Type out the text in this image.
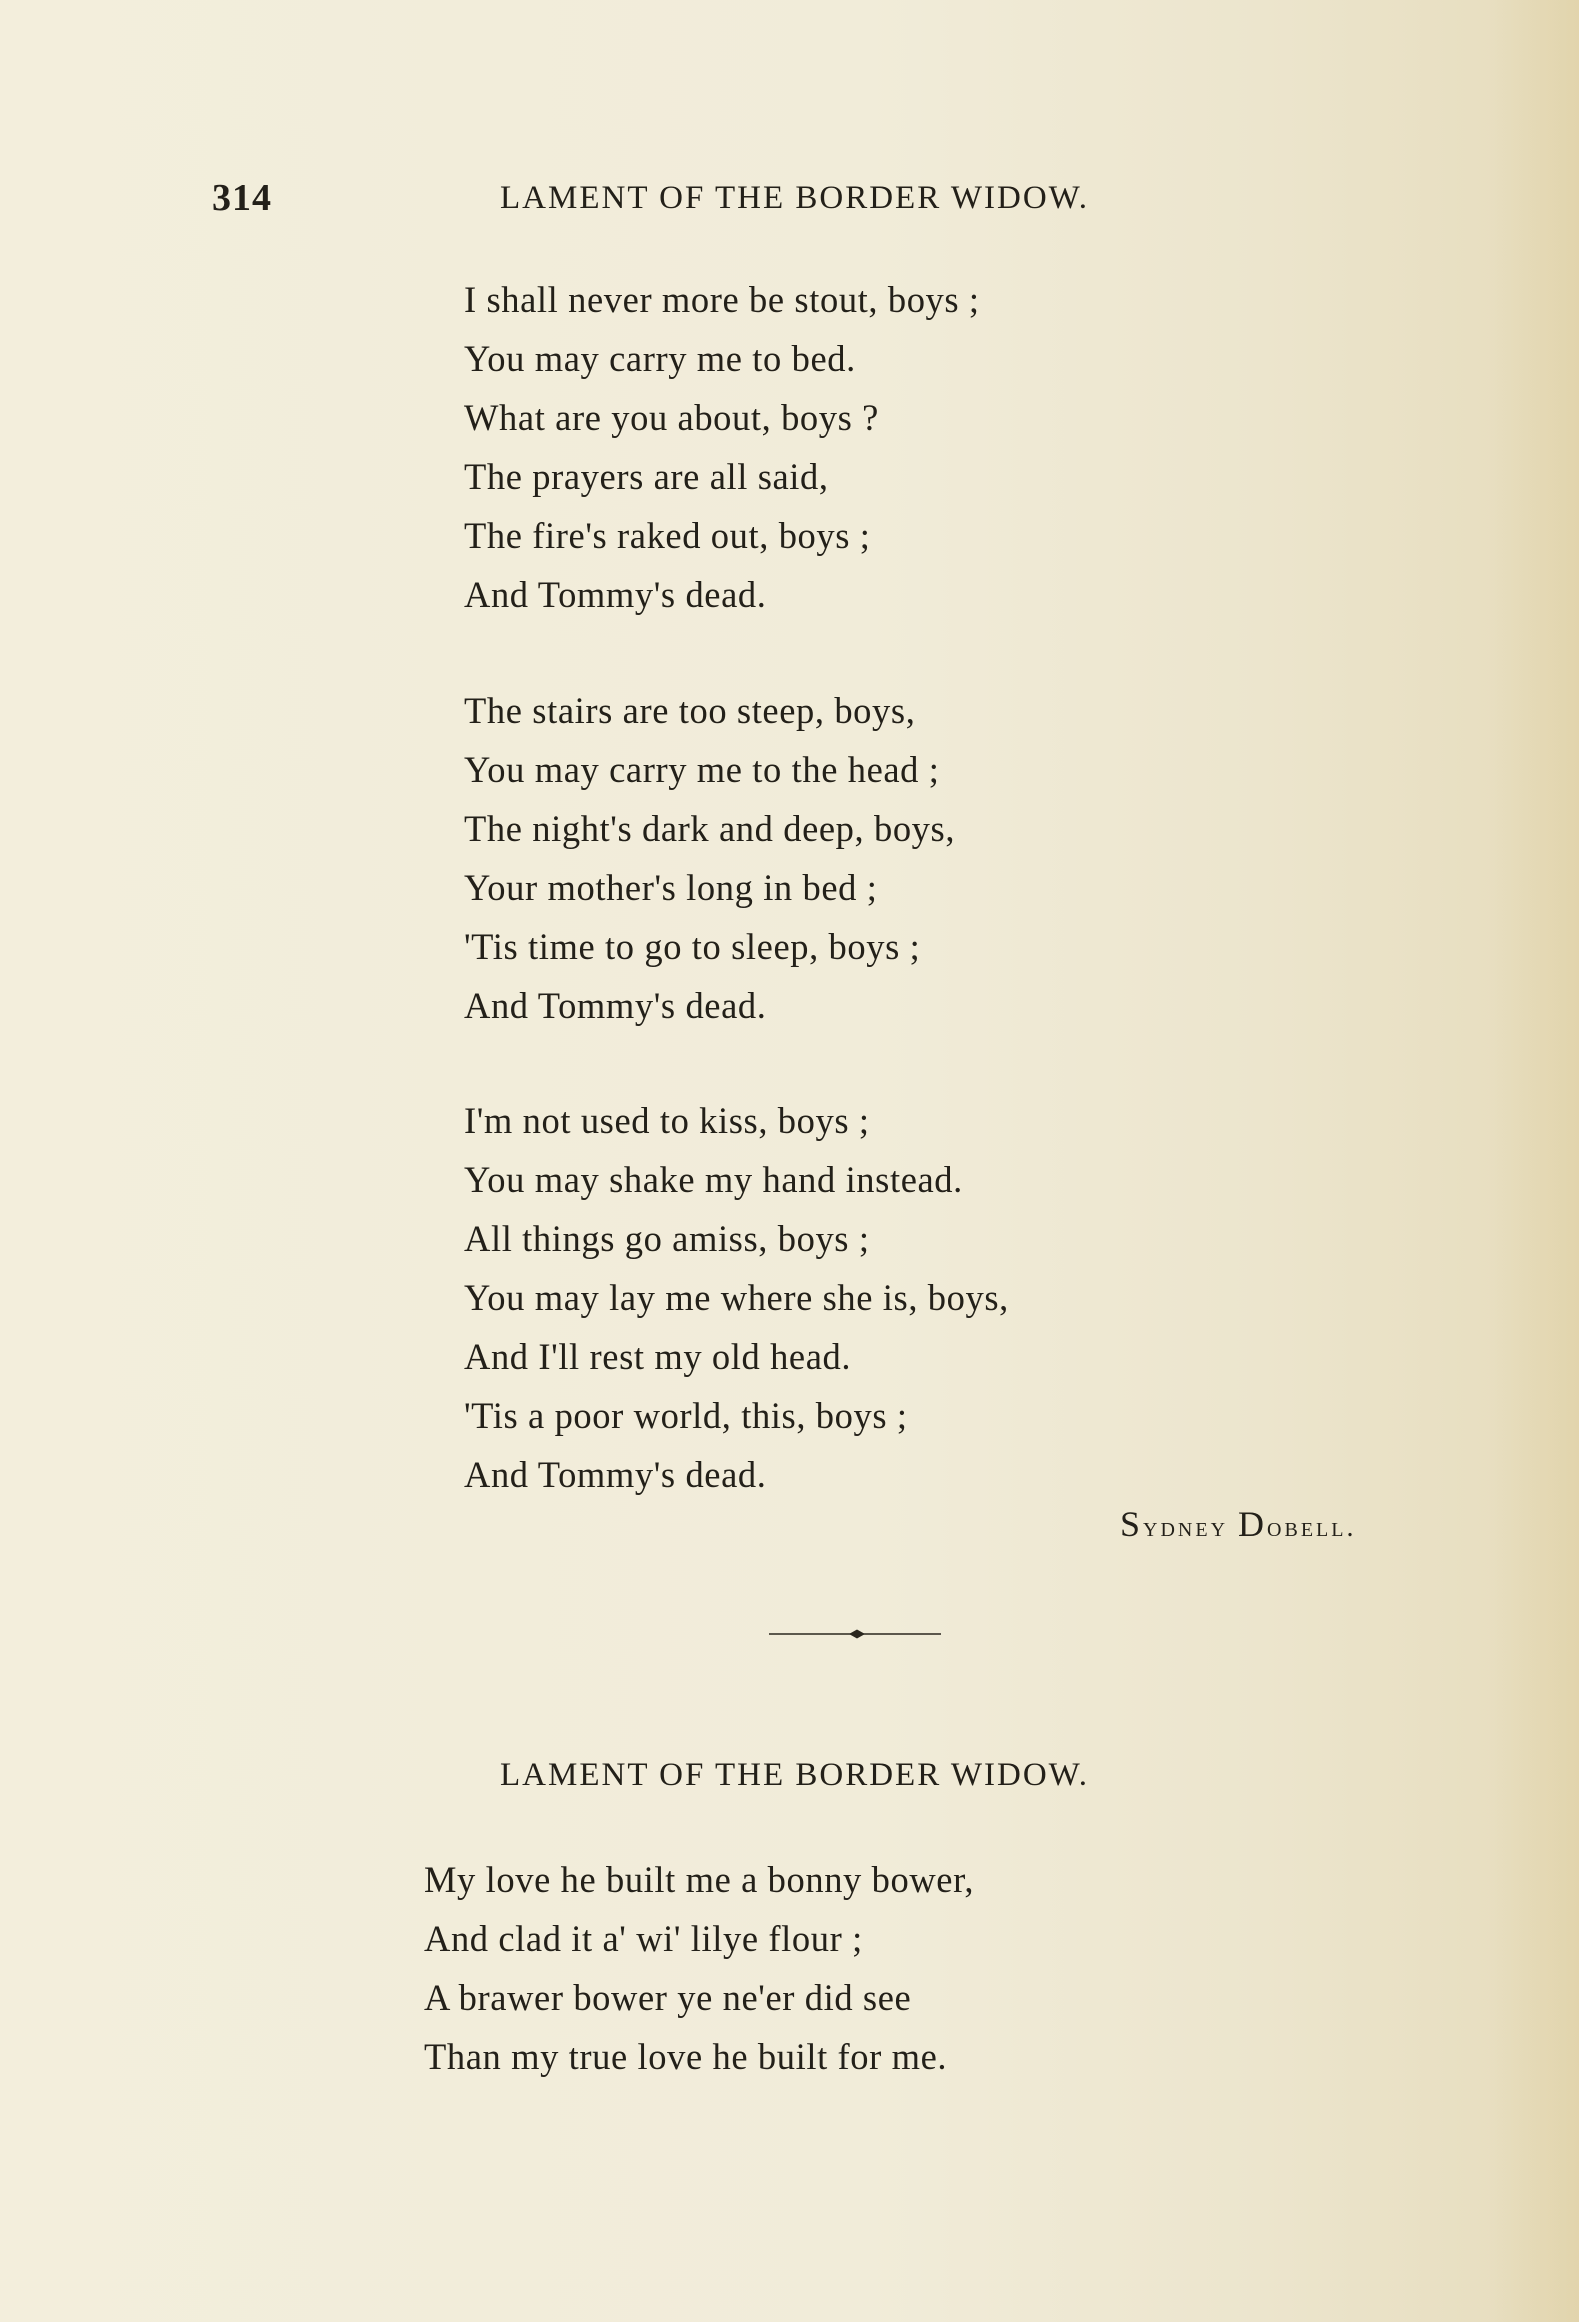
314	LAMENT OF THE BORDER WIDOW.
I shall never more be stout, boys ;
You may carry me to bed.
What are you about, boys ?
The prayers are all said,
The fire's raked out, boys ;
And Tommy's dead.
The stairs are too steep, boys,
You may carry me to the head ;
The night's dark and deep, boys,
Your mother's long in bed ;
'Tis time to go to sleep, boys ;
And Tommy's dead.
I'm not used to kiss, boys ;
You may shake my hand instead.
All things go amiss, boys ;
You may lay me where she is, boys,
And I'll rest my old head.
'Tis a poor world, this, boys ;
And Tommy's dead.
Sydney Dobell.
LAMENT OF THE BORDER WIDOW.
My love he built me a bonny bower,
And clad it a' wi' lilye flour ;
A brawer bower ye ne'er did see
Than my true love he built for me.
